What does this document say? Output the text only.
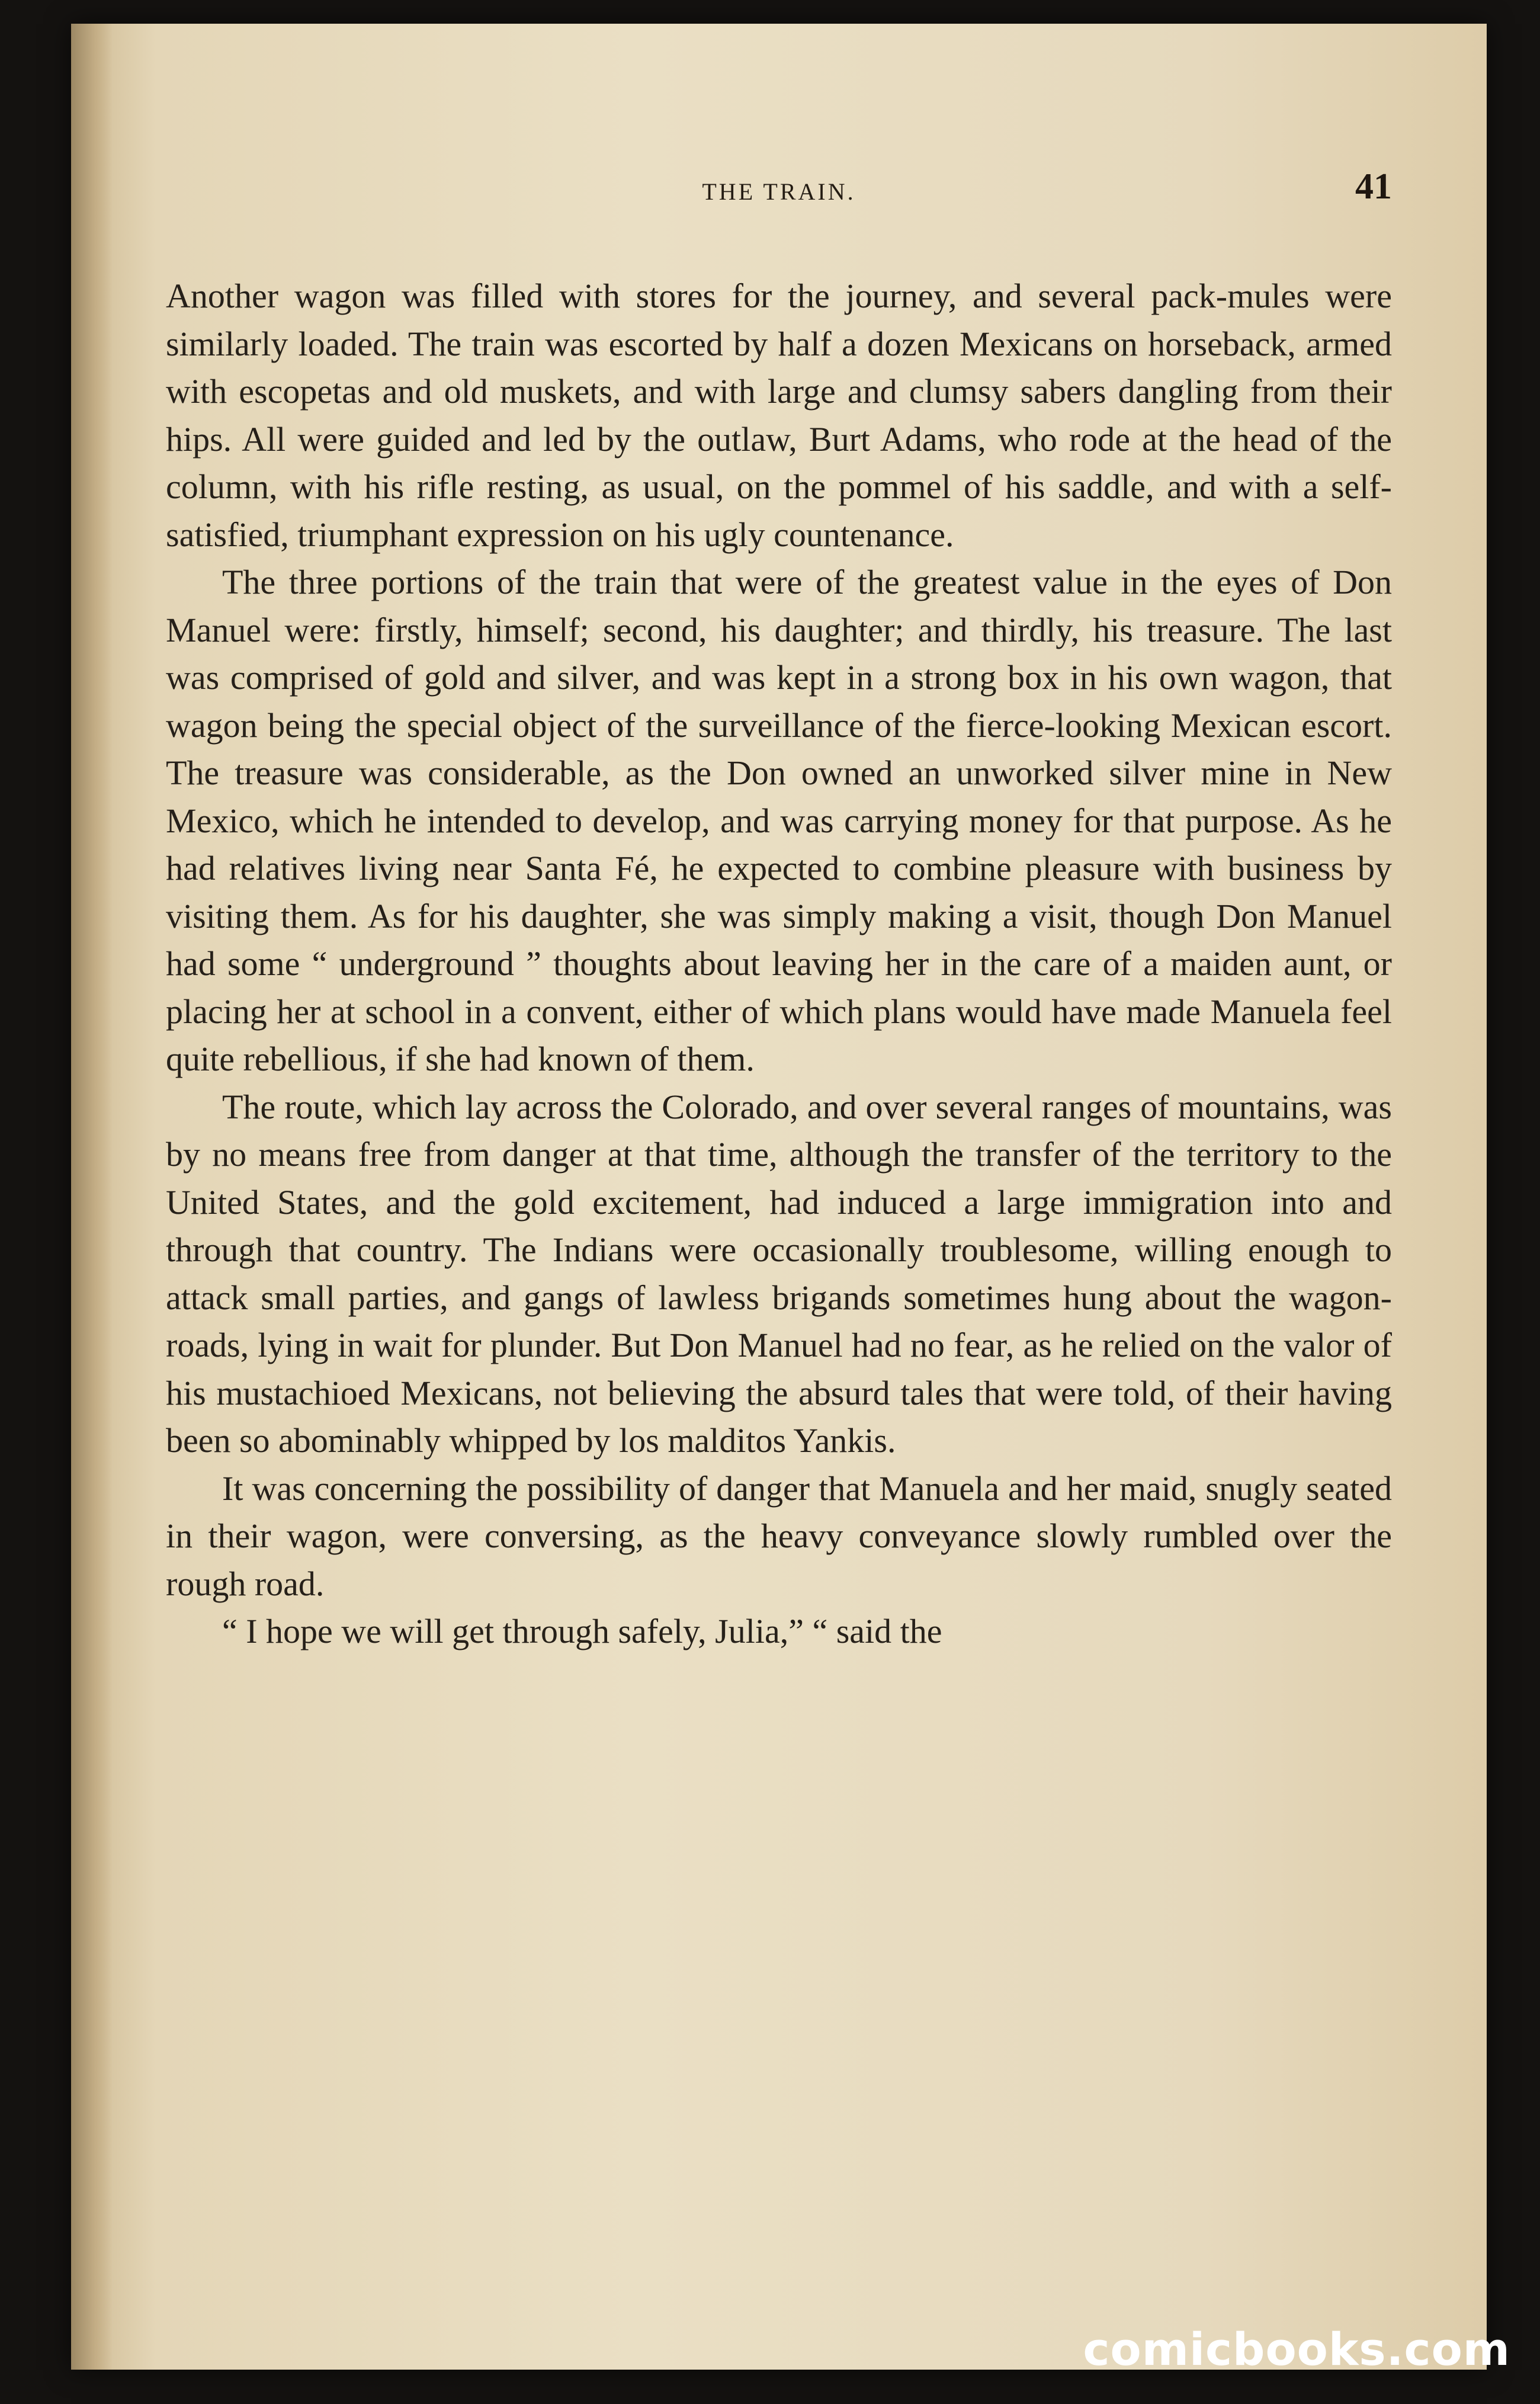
THE TRAIN.	41

Another wagon was filled with stores for the journey, and several pack-mules were similarly loaded. The train was escorted by half a dozen Mexicans on horseback, armed with escopetas and old muskets, and with large and clumsy sabers dangling from their hips. All were guided and led by the outlaw, Burt Adams, who rode at the head of the column, with his rifle resting, as usual, on the pommel of his saddle, and with a self-satisfied, triumphant expression on his ugly countenance.

The three portions of the train that were of the greatest value in the eyes of Don Manuel were: firstly, himself; second, his daughter; and thirdly, his treasure. The last was comprised of gold and silver, and was kept in a strong box in his own wagon, that wagon being the special object of the surveillance of the fierce-looking Mexican escort. The treasure was considerable, as the Don owned an unworked silver mine in New Mexico, which he intended to develop, and was carrying money for that purpose. As he had relatives living near Santa Fé, he expected to combine pleasure with business by visiting them. As for his daughter, she was simply making a visit, though Don Manuel had some “ underground ” thoughts about leaving her in the care of a maiden aunt, or placing her at school in a convent, either of which plans would have made Manuela feel quite rebellious, if she had known of them.

The route, which lay across the Colorado, and over several ranges of mountains, was by no means free from danger at that time, although the transfer of the territory to the United States, and the gold excitement, had induced a large immigration into and through that country. The Indians were occasionally troublesome, willing enough to attack small parties, and gangs of lawless brigands sometimes hung about the wagon-roads, lying in wait for plunder. But Don Manuel had no fear, as he relied on the valor of his mustachioed Mexicans, not believing the absurd tales that were told, of their having been so abominably whipped by los malditos Yankis.

It was concerning the possibility of danger that Manuela and her maid, snugly seated in their wagon, were conversing, as the heavy conveyance slowly rumbled over the rough road.

“ I hope we will get through safely, Julia,” “ said the

comicbooks.com
